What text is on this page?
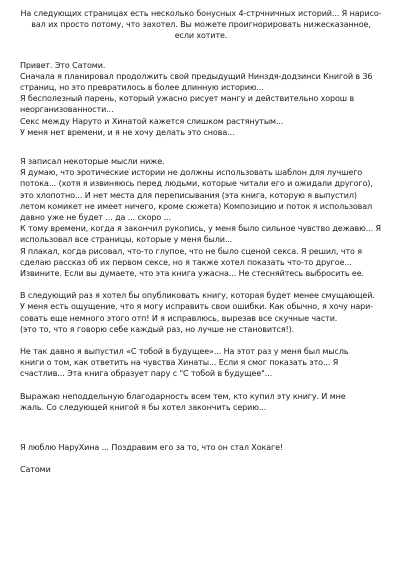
На следующих страницах есть несколько бонусных 4-стрчничных историй... Я нарисо-
вал их просто потому, что захотел. Вы можете проигнорировать нижесказанное,
если хотите.
Привет. Это Сатоми.
Сначала я планировал продолжить свой предыдущий Нинздя-додзинси Книгой в 36
страниц, но это превратилось в более длинную историю...
Я бесполезный парень, который ужасно рисует мангу и действительно хорош в
неорганизованности...
Секс между Наруто и Хинатой кажется слишком растянутым...
У меня нет времени, и я не хочу делать это снова...
Я записал некоторые мысли ниже.
Я думаю, что эротические истории не должны использовать шаблон для лучшего
потока... (хотя я извиняюсь перед людьми, которые читали его и ожидали другого),
это хлопотно... И нет места для переписывания (эта книга, которую я выпустил)
летом комикет не имеет ничего, кроме сюжета) Композицию и поток я использовал
давно уже не будет ... да ... скоро ...
К тому времени, когда я закончил рукопись, у меня было сильное чувство дежавю... Я
использовал все страницы, которые у меня были...
Я плакал, когда рисовал, что-то глупое, что не было сценой секса. Я решил, что я
сделаю рассказ об их первом сексе, но я также хотел показать что-то другое...
Извините. Если вы думаете, что эта книга ужасна... Не стесняйтесь выбросить ее.
В следующий раз я хотел бы опубликовать книгу, которая будет менее смущающей.
У меня есть ощущение, что я могу исправить свои ошибки. Как обычно, я хочу нари-
совать еще немного этого отп! И я исправлюсь, вырезав все скучные части.
(это то, что я говорю себе каждый раз, но лучше не становится!).
Не так давно я выпустил «С тобой в будущее»... На этот раз у меня был мысль
книги о том, как ответить на чувства Хинаты... Если я смог показать это... Я
счастлив... Эта книга образует пару с "С тобой в будущее"...
Выражаю неподдельную благодарность всем тем, кто купил эту книгу. И мне
жаль. Со следующей книгой я бы хотел закончить серию...
Я люблю НаруХина ... Поздравим его за то, что он стал Хокаге!
Сатоми
